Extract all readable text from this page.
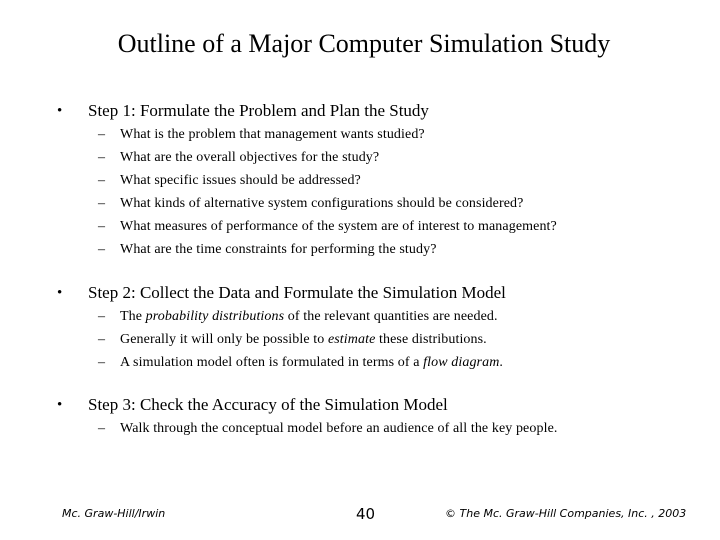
Outline of a Major Computer Simulation Study
• Step 1: Formulate the Problem and Plan the Study
– What is the problem that management wants studied?
– What are the overall objectives for the study?
– What specific issues should be addressed?
– What kinds of alternative system configurations should be considered?
– What measures of performance of the system are of interest to management?
– What are the time constraints for performing the study?
• Step 2: Collect the Data and Formulate the Simulation Model
– The probability distributions of the relevant quantities are needed.
– Generally it will only be possible to estimate these distributions.
– A simulation model often is formulated in terms of a flow diagram.
• Step 3: Check the Accuracy of the Simulation Model
– Walk through the conceptual model before an audience of all the key people.
Mc. Graw-Hill/Irwin	40	© The Mc. Graw-Hill Companies, Inc. , 2003
